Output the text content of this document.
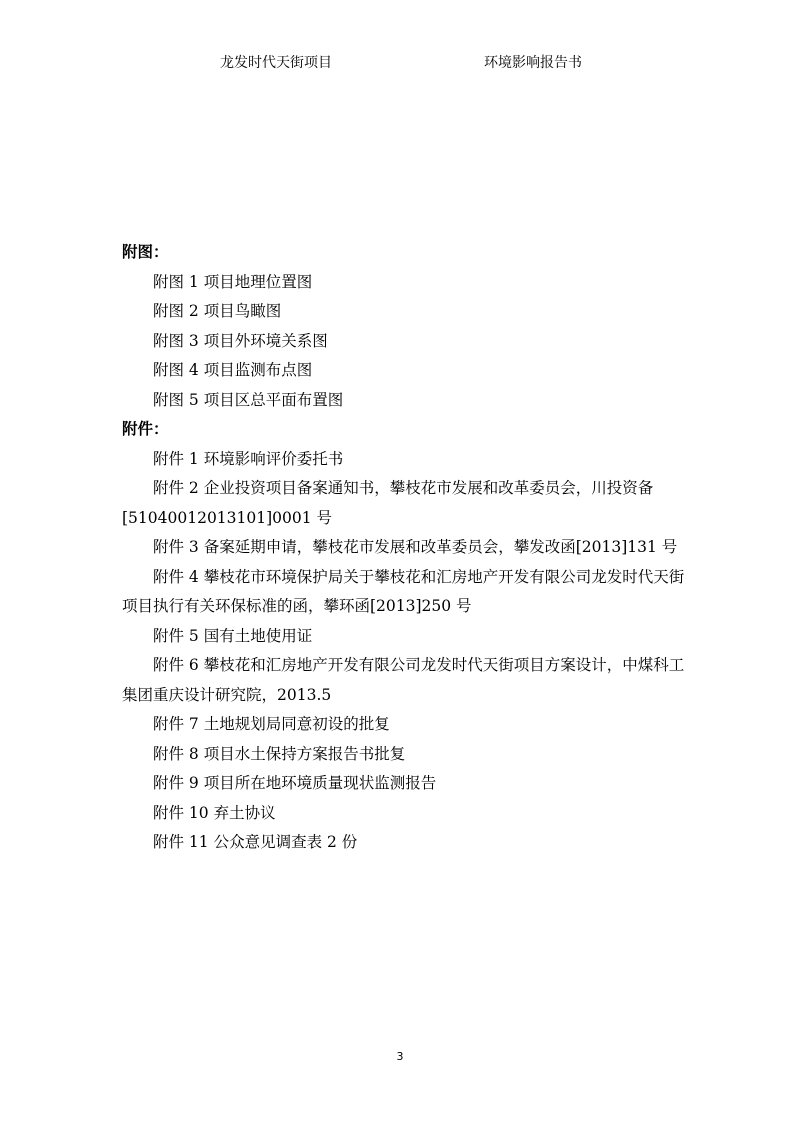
龙发时代天街项目	环境影响报告书
附图：
附图 1 项目地理位置图
附图 2 项目鸟瞰图
附图 3 项目外环境关系图
附图 4 项目监测布点图
附图 5 项目区总平面布置图
附件：
附件 1 环境影响评价委托书
附件 2 企业投资项目备案通知书，攀枝花市发展和改革委员会，川投资备[51040012013101]0001 号
附件 3 备案延期申请，攀枝花市发展和改革委员会，攀发改函[2013]131 号
附件 4 攀枝花市环境保护局关于攀枝花和汇房地产开发有限公司龙发时代天街项目执行有关环保标准的函，攀环函[2013]250 号
附件 5 国有土地使用证
附件 6 攀枝花和汇房地产开发有限公司龙发时代天街项目方案设计，中煤科工集团重庆设计研究院，2013.5
附件 7 土地规划局同意初设的批复
附件 8 项目水土保持方案报告书批复
附件 9 项目所在地环境质量现状监测报告
附件 10 弃土协议
附件 11 公众意见调查表 2 份
3
